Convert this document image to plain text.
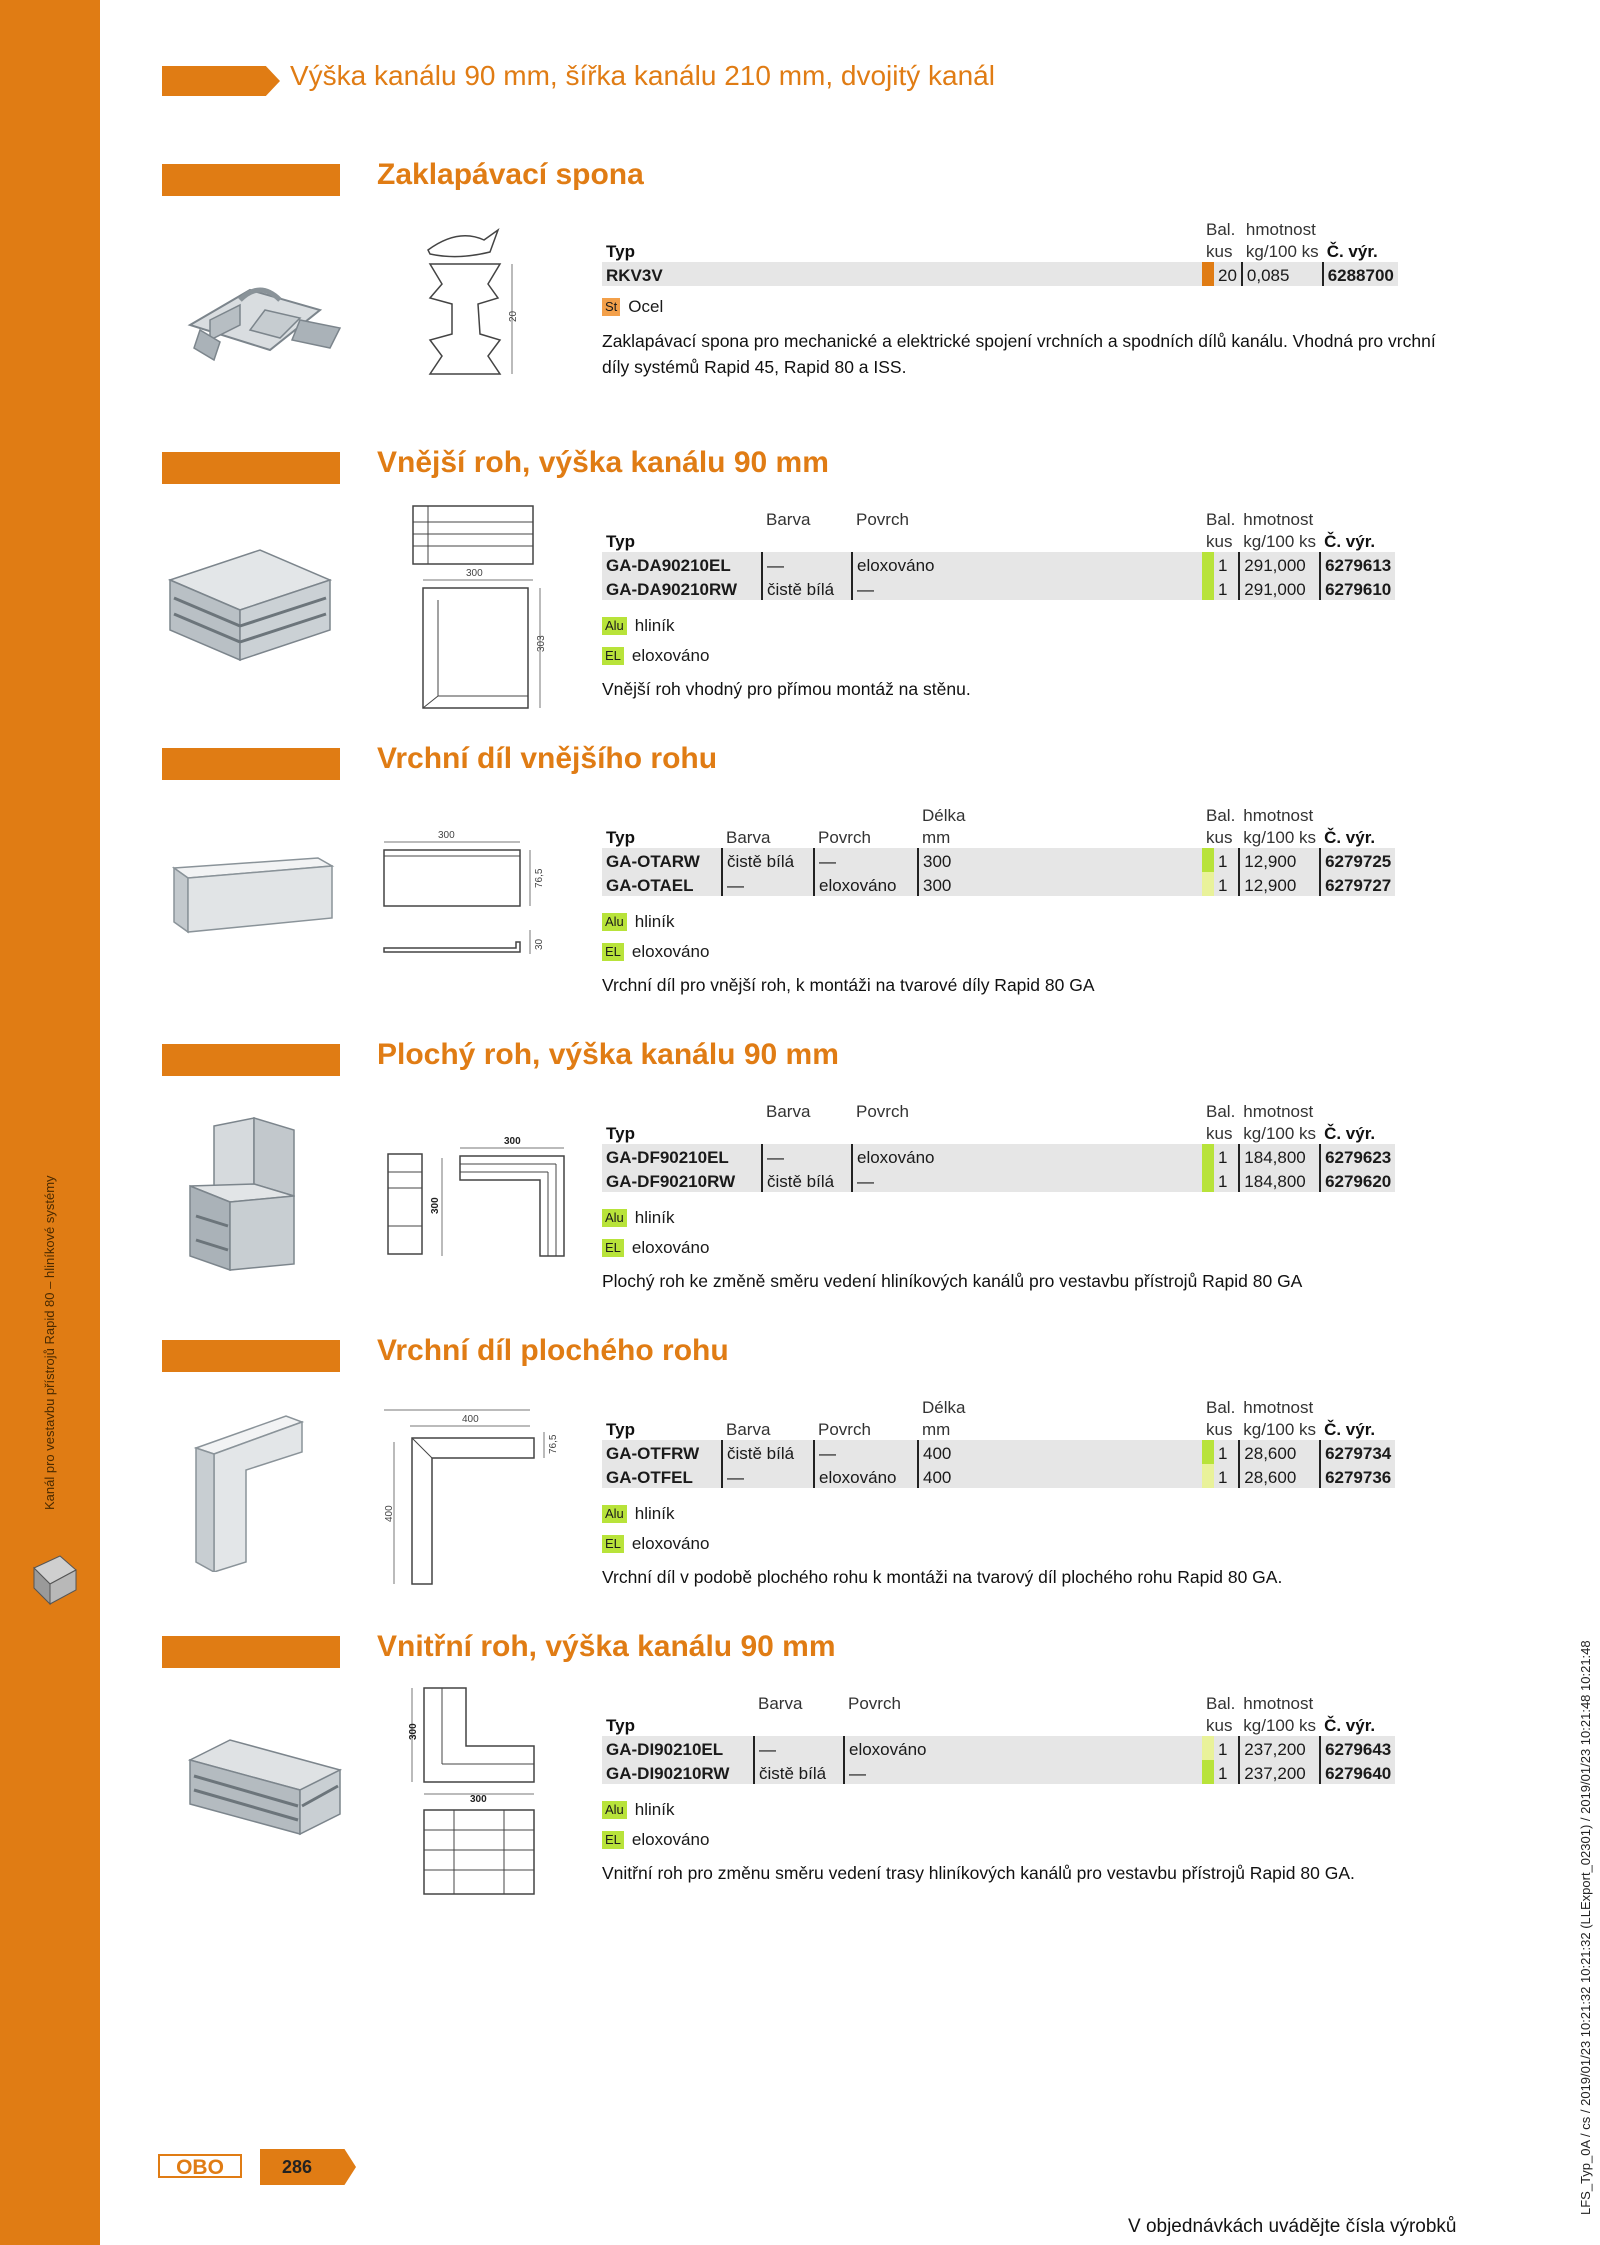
Kanál pro vestavbu přístrojů Rapid 80 – hliníkové systémy
Výška kanálu 90 mm, šířka kanálu 210 mm, dvojitý kanál
Zaklapávací spona
20
	Bal.		hmotnost	
Typ	kus		kg/100 ks	Č. výr.
RKV3V		20	0,085	6288700
St Ocel
Zaklapávací spona pro mechanické a elektrické spojení vrchních a spodních dílů kanálu. Vhodná pro vrchní díly systémů Rapid 45, Rapid 80 a ISS.
Vnější roh, výška kanálu 90 mm
300
303
	Barva	Povrch	Bal.		hmotnost	
Typ			kus		kg/100 ks	Č. výr.
GA-DA90210EL	—	eloxováno		1	291,000	6279613
GA-DA90210RW	čistě bílá	—		1	291,000	6279610
Alu hliník
EL eloxováno
Vnější roh vhodný pro přímou montáž na stěnu.
Vrchní díl vnějšího rohu
300
76,5
30
			Délka	Bal.		hmotnost	
Typ	Barva	Povrch	mm	kus		kg/100 ks	Č. výr.
GA-OTARW	čistě bílá	—	300		1	12,900	6279725
GA-OTAEL	—	eloxováno	300		1	12,900	6279727
Alu hliník
EL eloxováno
Vrchní díl pro vnější roh, k montáži na tvarové díly Rapid 80 GA
Plochý roh, výška kanálu 90 mm
300
300
	Barva	Povrch	Bal.		hmotnost	
Typ			kus		kg/100 ks	Č. výr.
GA-DF90210EL	—	eloxováno		1	184,800	6279623
GA-DF90210RW	čistě bílá	—		1	184,800	6279620
Alu hliník
EL eloxováno
Plochý roh ke změně směru vedení hliníkových kanálů pro vestavbu přístrojů Rapid 80 GA
Vrchní díl plochého rohu
400
76,5
400
			Délka	Bal.		hmotnost	
Typ	Barva	Povrch	mm	kus		kg/100 ks	Č. výr.
GA-OTFRW	čistě bílá	—	400		1	28,600	6279734
GA-OTFEL	—	eloxováno	400		1	28,600	6279736
Alu hliník
EL eloxováno
Vrchní díl v podobě plochého rohu k montáži na tvarový díl plochého rohu Rapid 80 GA.
Vnitřní roh, výška kanálu 90 mm
300
300
	Barva	Povrch	Bal.		hmotnost	
Typ			kus		kg/100 ks	Č. výr.
GA-DI90210EL	—	eloxováno		1	237,200	6279643
GA-DI90210RW	čistě bílá	—		1	237,200	6279640
Alu hliník
EL eloxováno
Vnitřní roh pro změnu směru vedení trasy hliníkových kanálů pro vestavbu přístrojů Rapid 80 GA.
OBO	286
V objednávkách uvádějte čísla výrobků
LFS_Typ_0A / cs / 2019/01/23 10:21:32 10:21:32 (LLExport_02301) / 2019/01/23 10:21:48 10:21:48
